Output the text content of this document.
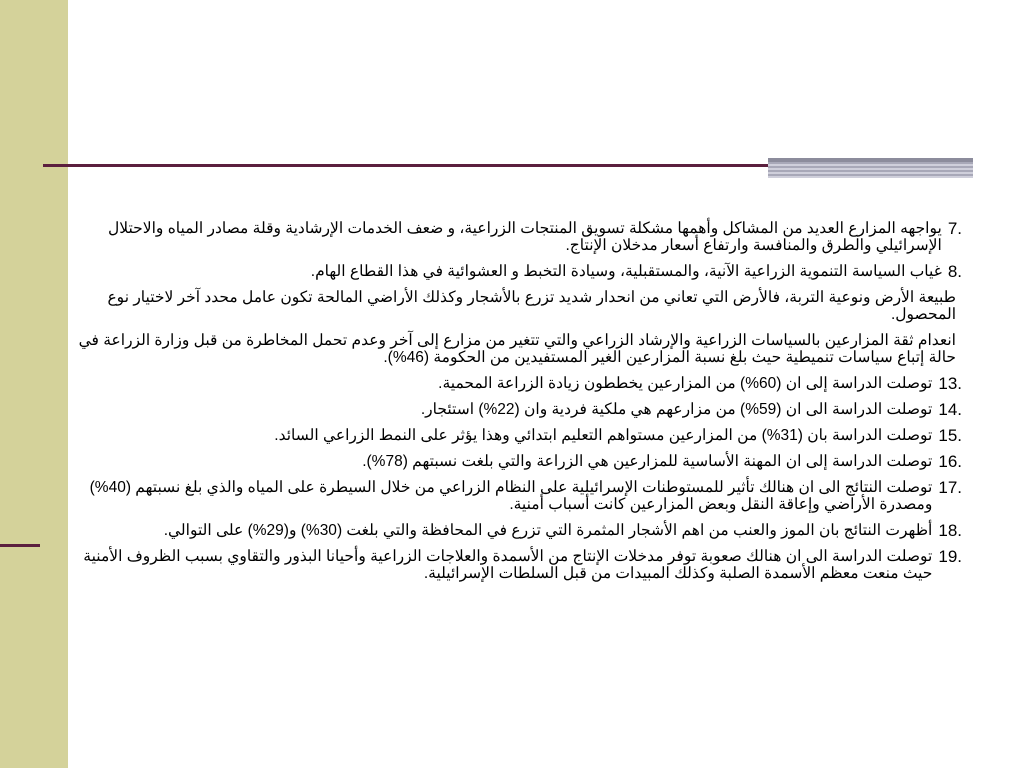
7.
يواجهه المزارع العديد من المشاكل وأهمها مشكلة تسويق المنتجات الزراعية، و ضعف الخدمات الإرشادية وقلة مصادر المياه والاحتلال الإسرائيلي والطرق والمنافسة وارتفاع أسعار مدخلان الإنتاج.
8.
غياب السياسة التنموية الزراعية الآنية، والمستقبلية، وسيادة التخبط و العشوائية في هذا القطاع الهام.
طبيعة الأرض ونوعية التربة، فالأرض التي تعاني من انحدار شديد تزرع بالأشجار وكذلك الأراضي المالحة تكون عامل محدد آخر لاختيار نوع المحصول.
انعدام ثقة المزارعين بالسياسات الزراعية والإرشاد الزراعي والتي تتغير من مزارع إلى آخر وعدم تحمل المخاطرة من قبل وزارة الزراعة في حالة إتباع سياسات تنميطية حيث بلغ نسبة المزارعين الغير المستفيدين من الحكومة (46%).
13.
توصلت الدراسة إلى ان (60%) من المزارعين يخططون زيادة الزراعة المحمية.
14.
توصلت الدراسة الى ان (59%) من مزارعهم هي ملكية فردية وان (22%) استئجار.
15.
توصلت الدراسة بان (31%) من المزارعين مستواهم التعليم ابتدائي وهذا يؤثر على النمط الزراعي السائد.
16.
توصلت الدراسة إلى ان المهنة الأساسية للمزارعين هي الزراعة والتي بلغت نسبتهم (78%).
17.
توصلت النتائج الى ان هنالك تأثير للمستوطنات الإسرائيلية على النظام الزراعي من خلال السيطرة على المياه والذي بلغ نسبتهم (40%) ومصدرة الأراضي وإعاقة النقل وبعض المزارعين كانت أسباب أمنية.
18.
أظهرت النتائج بان الموز والعنب من اهم الأشجار المثمرة التي تزرع في المحافظة والتي بلغت (30%) و(29%) على التوالي.
19.
توصلت الدراسة الى ان هنالك صعوبة توفر مدخلات الإنتاج من الأسمدة والعلاجات الزراعية وأحيانا البذور والتقاوي بسبب الظروف الأمنية حيث منعت معظم الأسمدة الصلبة وكذلك المبيدات من قبل السلطات الإسرائيلية.
